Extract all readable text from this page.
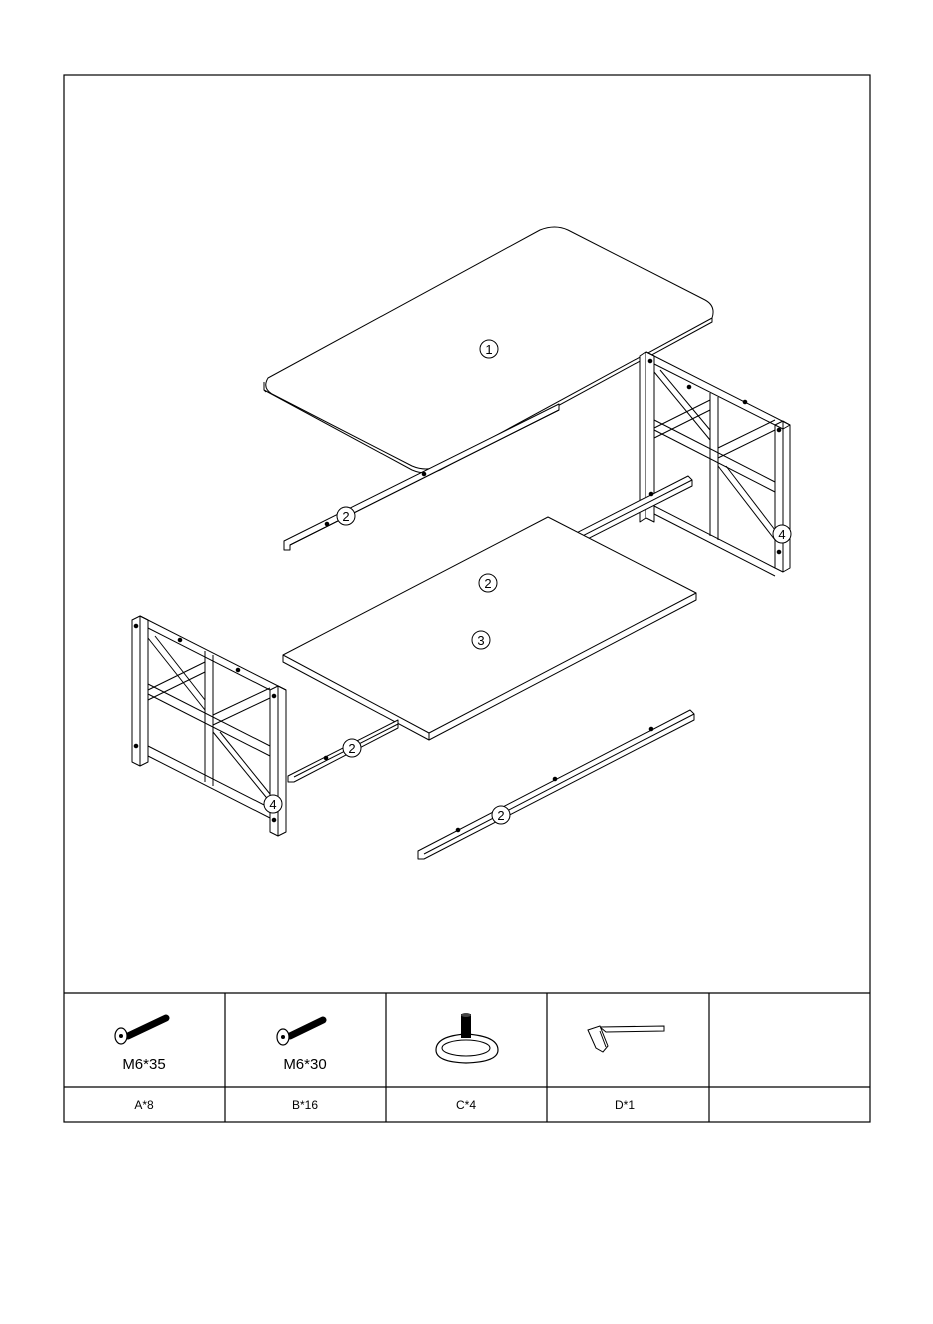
1
2
2
2
2
3
4
4
M6*35
A*8
M6*30
B*16	C*4	D*1
